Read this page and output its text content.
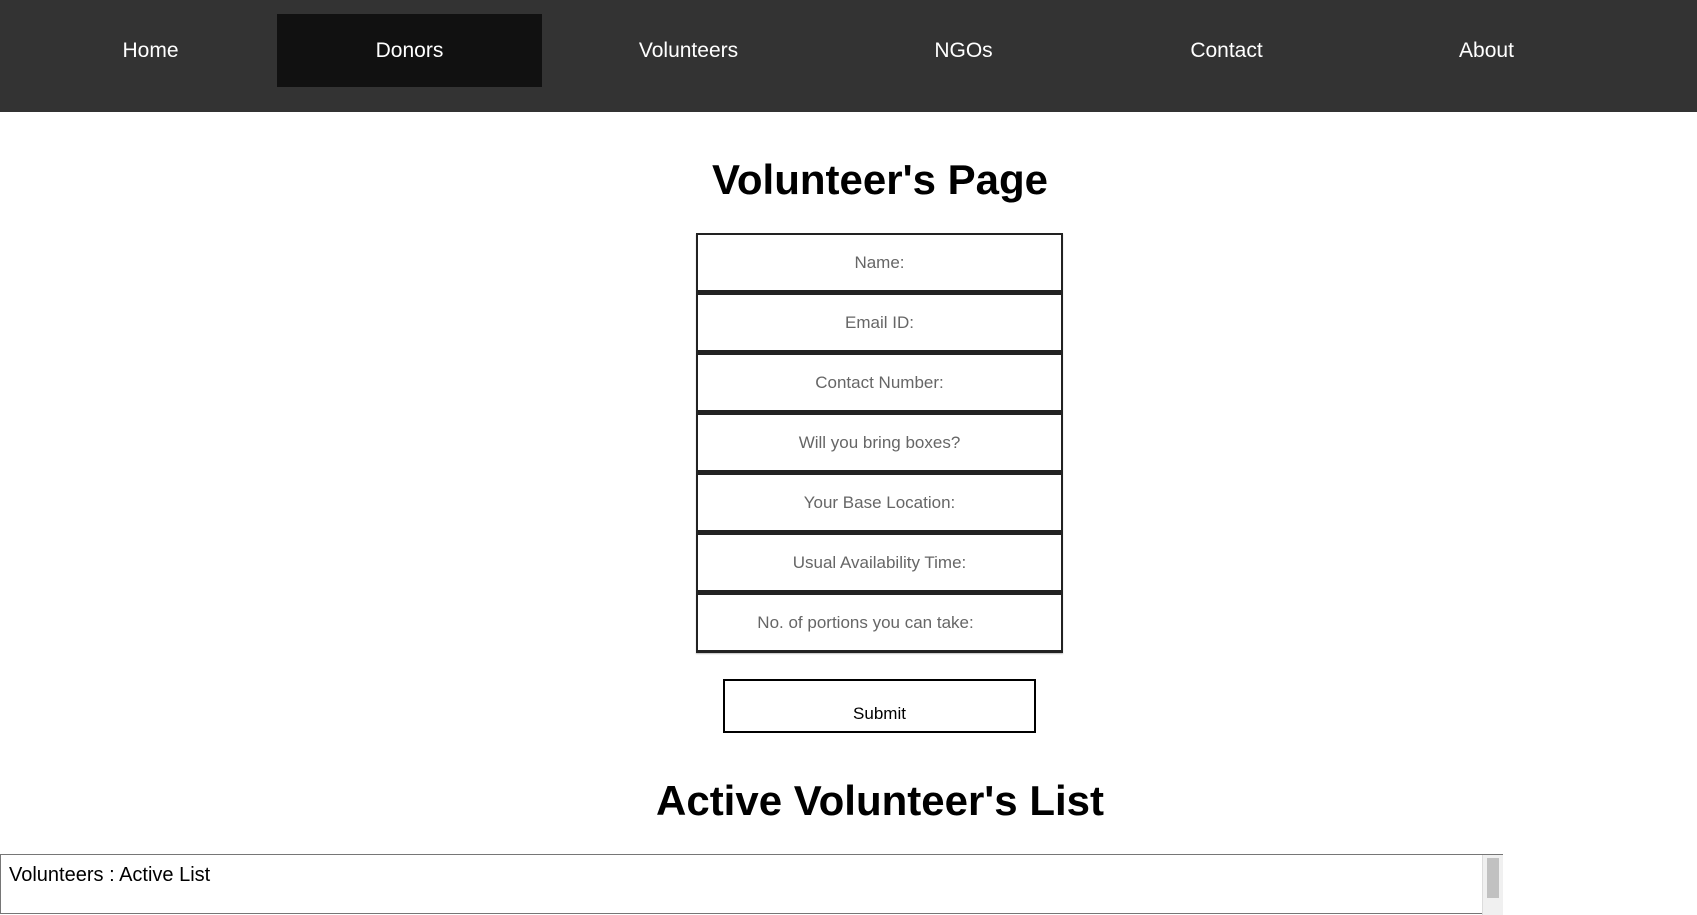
Home	Donors	Volunteers	NGOs	Contact	About
Volunteer's Page
Name:
Email ID:
Contact Number:
Will you bring boxes?
Your Base Location:
Usual Availability Time:
No. of portions you can take:
Submit
Active Volunteer's List
Volunteers : Active List
